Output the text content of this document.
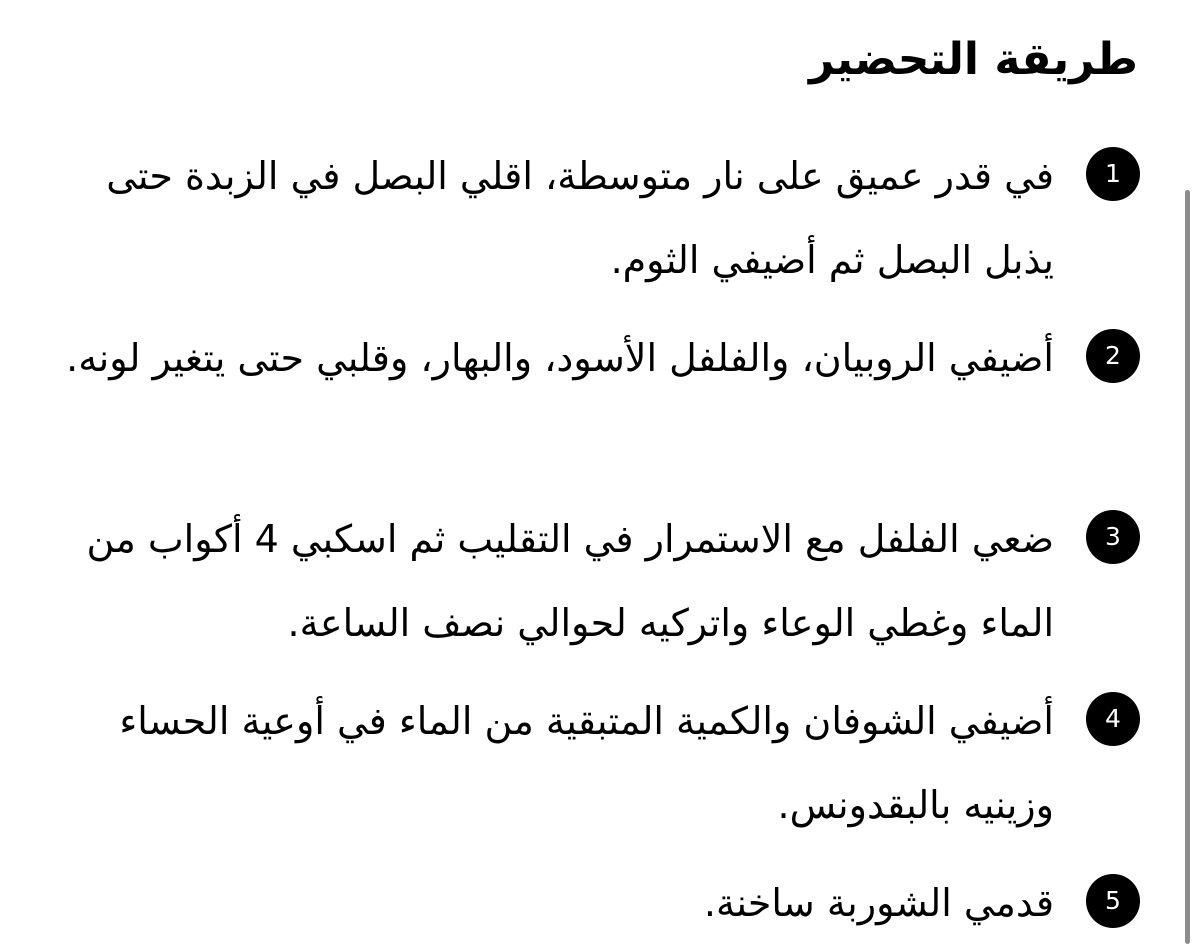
طريقة التحضير
1

في قدر عميق على نار متوسطة، اقلي البصل في الزبدة حتى يذبل البصل ثم أضيفي الثوم.

2

أضيفي الروبيان، والفلفل الأسود، والبهار، وقلبي حتى يتغير لونه.

3

ضعي الفلفل مع الاستمرار في التقليب ثم اسكبي 4 أكواب من الماء وغطي الوعاء واتركيه لحوالي نصف الساعة.

4

أضيفي الشوفان والكمية المتبقية من الماء في أوعية الحساء وزينيه بالبقدونس.

5

قدمي الشوربة ساخنة.
